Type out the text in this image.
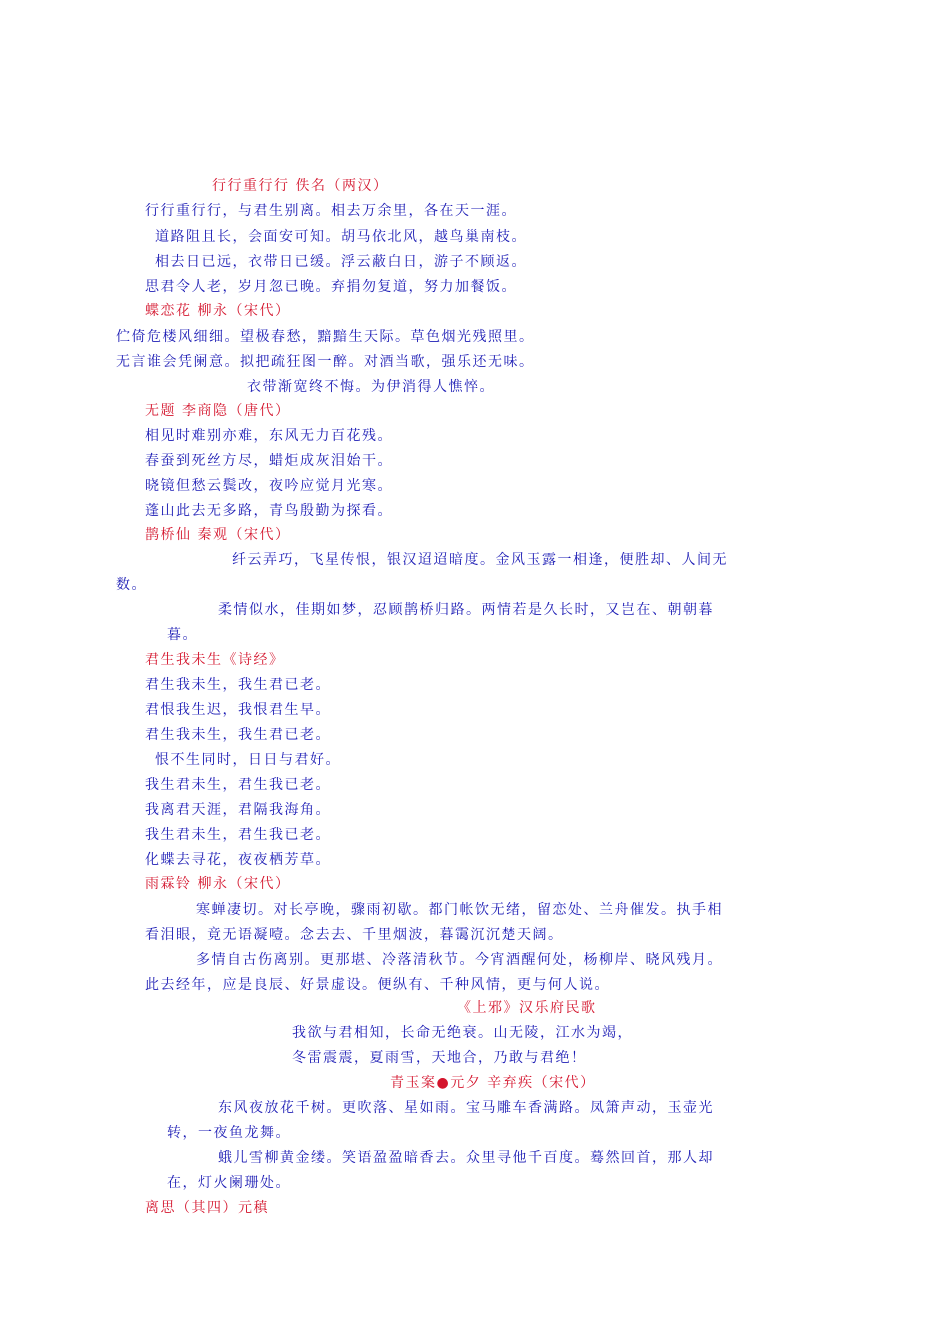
行行重行行 佚名（两汉）
行行重行行，与君生别离。相去万余里，各在天一涯。
道路阻且长，会面安可知。胡马依北风，越鸟巢南枝。
相去日已远，衣带日已缓。浮云蔽白日，游子不顾返。
思君令人老，岁月忽已晚。弃捐勿复道，努力加餐饭。
蝶恋花 柳永（宋代）
伫倚危楼风细细。望极春愁，黯黯生天际。草色烟光残照里。
无言谁会凭阑意。拟把疏狂图一醉。对酒当歌，强乐还无味。
衣带渐宽终不悔。为伊消得人憔悴。
无题 李商隐（唐代）
相见时难别亦难，东风无力百花残。
春蚕到死丝方尽，蜡炬成灰泪始干。
晓镜但愁云鬓改，夜吟应觉月光寒。
蓬山此去无多路，青鸟殷勤为探看。
鹊桥仙 秦观（宋代）
纤云弄巧，飞星传恨，银汉迢迢暗度。金风玉露一相逢，便胜却、人间无
数。
柔情似水，佳期如梦，忍顾鹊桥归路。两情若是久长时，又岂在、朝朝暮
暮。
君生我未生《诗经》
君生我未生，我生君已老。
君恨我生迟，我恨君生早。
君生我未生，我生君已老。
恨不生同时，日日与君好。
我生君未生，君生我已老。
我离君天涯，君隔我海角。
我生君未生，君生我已老。
化蝶去寻花，夜夜栖芳草。
雨霖铃 柳永（宋代）
寒蝉凄切。对长亭晚，骤雨初歇。都门帐饮无绪，留恋处、兰舟催发。执手相
看泪眼，竟无语凝噎。念去去、千里烟波，暮霭沉沉楚天阔。
多情自古伤离别。更那堪、冷落清秋节。今宵酒醒何处，杨柳岸、晓风残月。
此去经年，应是良辰、好景虚设。便纵有、千种风情，更与何人说。
《上邪》汉乐府民歌
我欲与君相知，长命无绝衰。山无陵，江水为竭，
冬雷震震，夏雨雪，天地合，乃敢与君绝！
青玉案●元夕 辛弃疾（宋代）
东风夜放花千树。更吹落、星如雨。宝马雕车香满路。凤箫声动，玉壶光
转，一夜鱼龙舞。
蛾儿雪柳黄金缕。笑语盈盈暗香去。众里寻他千百度。蓦然回首，那人却
在，灯火阑珊处。
离思（其四）元稹
